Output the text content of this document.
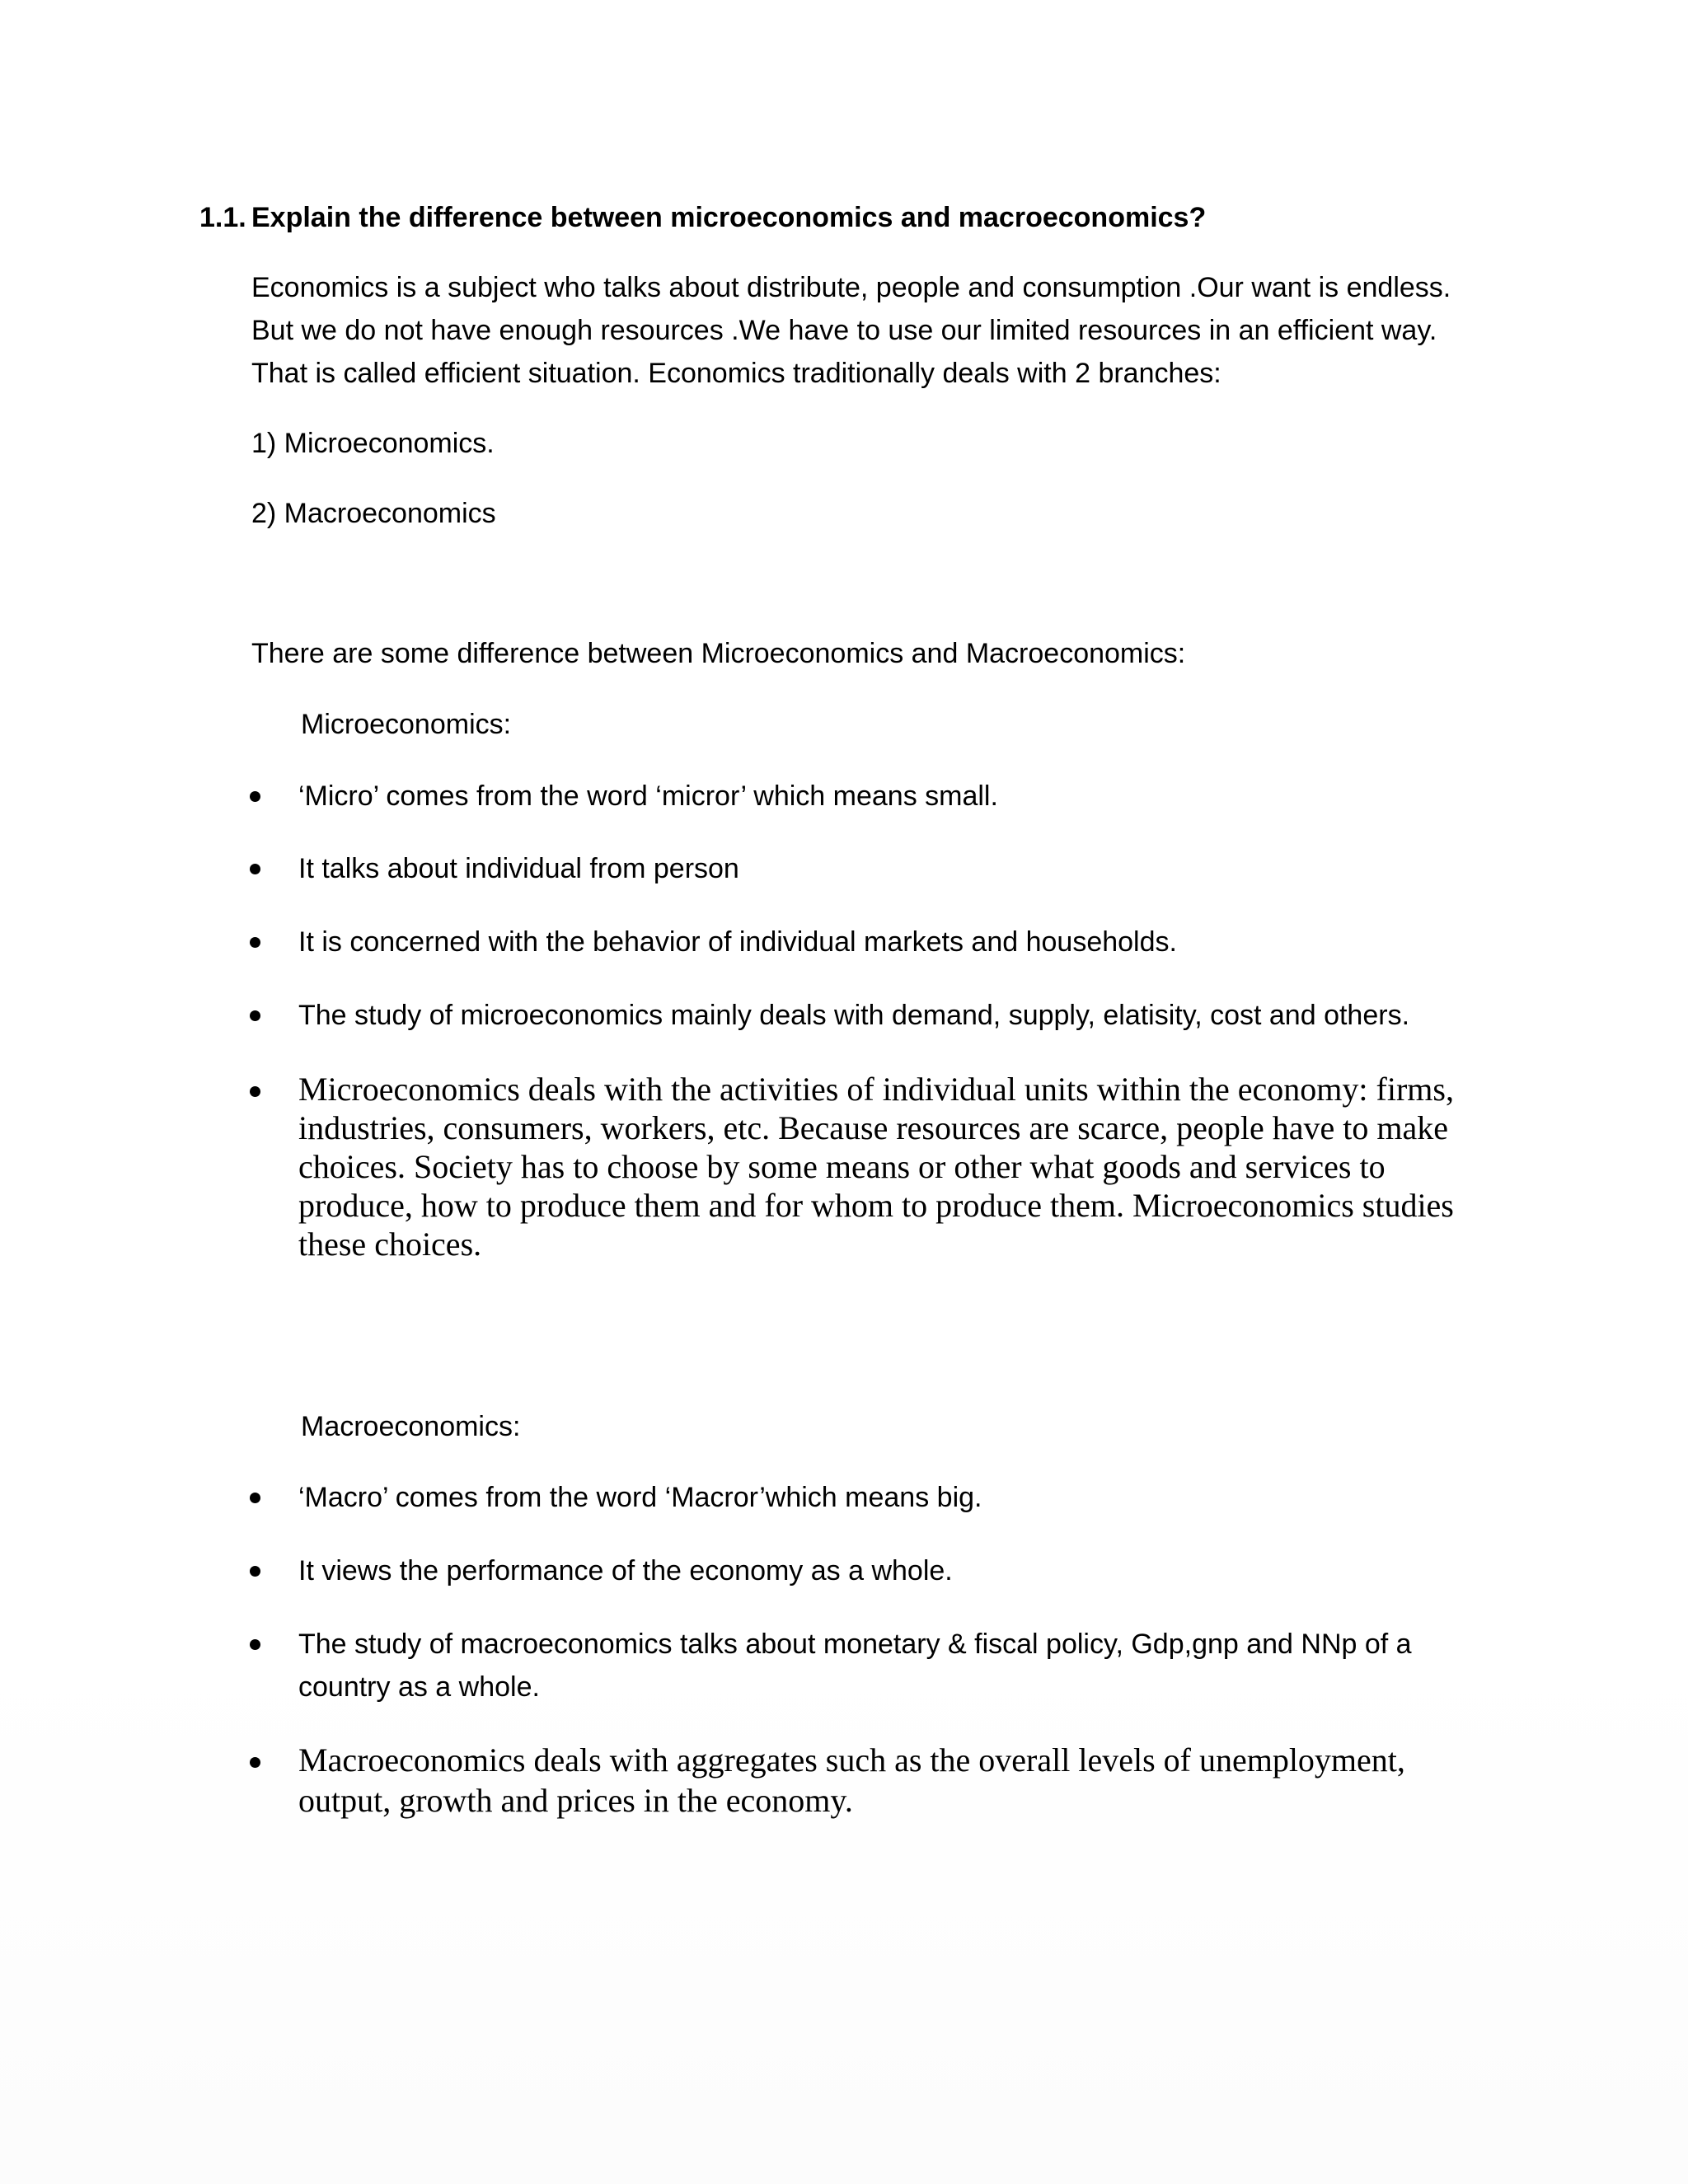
1.1. Explain the difference between microeconomics and macroeconomics?
Economics is a subject who talks about distribute, people and consumption .Our want is endless.
But we do not have enough resources .We have to use our limited resources in an efficient way.
That is called efficient situation. Economics traditionally deals with 2 branches:
1) Microeconomics.
2) Macroeconomics
There are some difference between Microeconomics and Macroeconomics:
Microeconomics:
‘Micro’ comes from the word ‘micror’ which means small.
It talks about individual from person
It is concerned with the behavior of individual markets and households.
The study of microeconomics mainly deals with demand, supply, elatisity, cost and others.
Microeconomics deals with the activities of individual units within the economy: firms,
industries, consumers, workers, etc. Because resources are scarce, people have to make
choices. Society has to choose by some means or other what goods and services to
produce, how to produce them and for whom to produce them. Microeconomics studies
these choices.
Macroeconomics:
‘Macro’ comes from the word ‘Macror’which means big.
It views the performance of the economy as a whole.
The study of macroeconomics talks about monetary & fiscal policy, Gdp,gnp and NNp of a
country as a whole.
Macroeconomics deals with aggregates such as the overall levels of unemployment,
output, growth and prices in the economy.
